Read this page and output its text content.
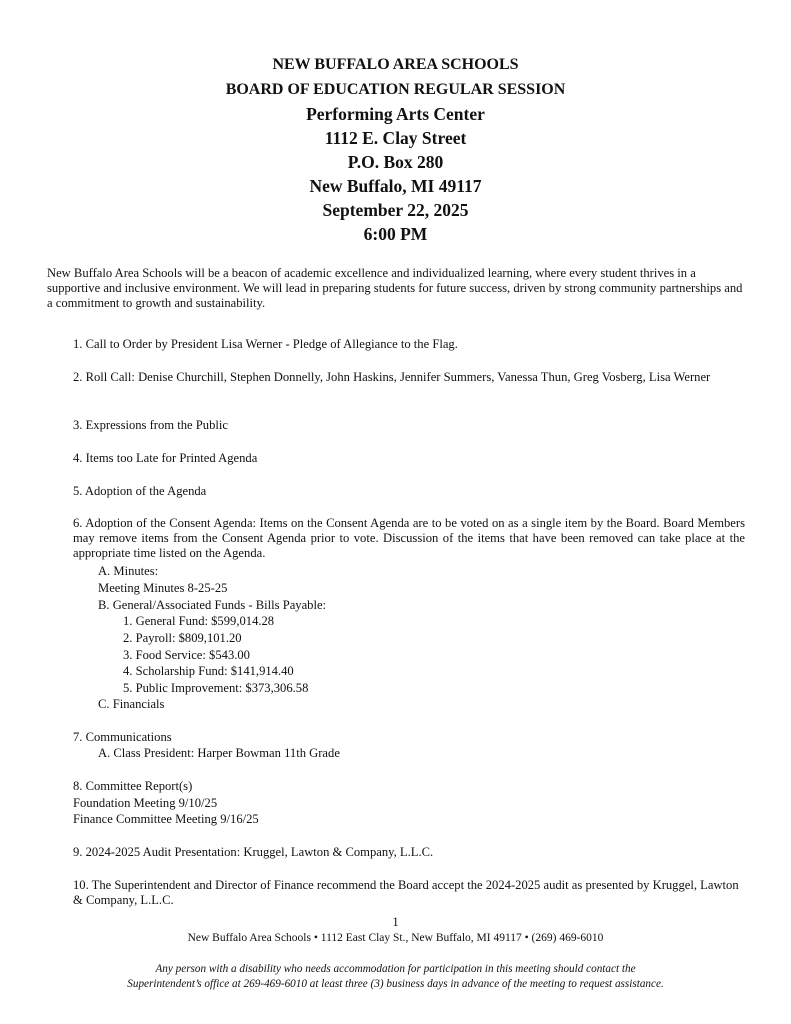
NEW BUFFALO AREA SCHOOLS
BOARD OF EDUCATION REGULAR SESSION
Performing Arts Center
1112 E. Clay Street
P.O. Box 280
New Buffalo, MI 49117
September 22, 2025
6:00 PM
New Buffalo Area Schools will be a beacon of academic excellence and individualized learning, where every student thrives in a supportive and inclusive environment. We will lead in preparing students for future success, driven by strong community partnerships and a commitment to growth and sustainability.
1. Call to Order by President Lisa Werner - Pledge of Allegiance to the Flag.
2. Roll Call: Denise Churchill, Stephen Donnelly, John Haskins, Jennifer Summers, Vanessa Thun, Greg Vosberg, Lisa Werner
3. Expressions from the Public
4. Items too Late for Printed Agenda
5. Adoption of the Agenda
6. Adoption of the Consent Agenda: Items on the Consent Agenda are to be voted on as a single item by the Board. Board Members may remove items from the Consent Agenda prior to vote. Discussion of the items that have been removed can take place at the appropriate time listed on the Agenda.
A. Minutes:
Meeting Minutes 8-25-25
B. General/Associated Funds - Bills Payable:
1. General Fund: $599,014.28
2. Payroll: $809,101.20
3. Food Service: $543.00
4. Scholarship Fund: $141,914.40
5. Public Improvement: $373,306.58
C. Financials
7. Communications
A. Class President: Harper Bowman 11th Grade
8. Committee Report(s)
Foundation Meeting 9/10/25
Finance Committee Meeting 9/16/25
9. 2024-2025 Audit Presentation: Kruggel, Lawton & Company, L.L.C.
10. The Superintendent and Director of Finance recommend the Board accept the 2024-2025 audit as presented by Kruggel, Lawton & Company, L.L.C.
1
New Buffalo Area Schools • 1112 East Clay St., New Buffalo, MI 49117 • (269) 469-6010
Any person with a disability who needs accommodation for participation in this meeting should contact the
Superintendent’s office at 269-469-6010 at least three (3) business days in advance of the meeting to request assistance.
